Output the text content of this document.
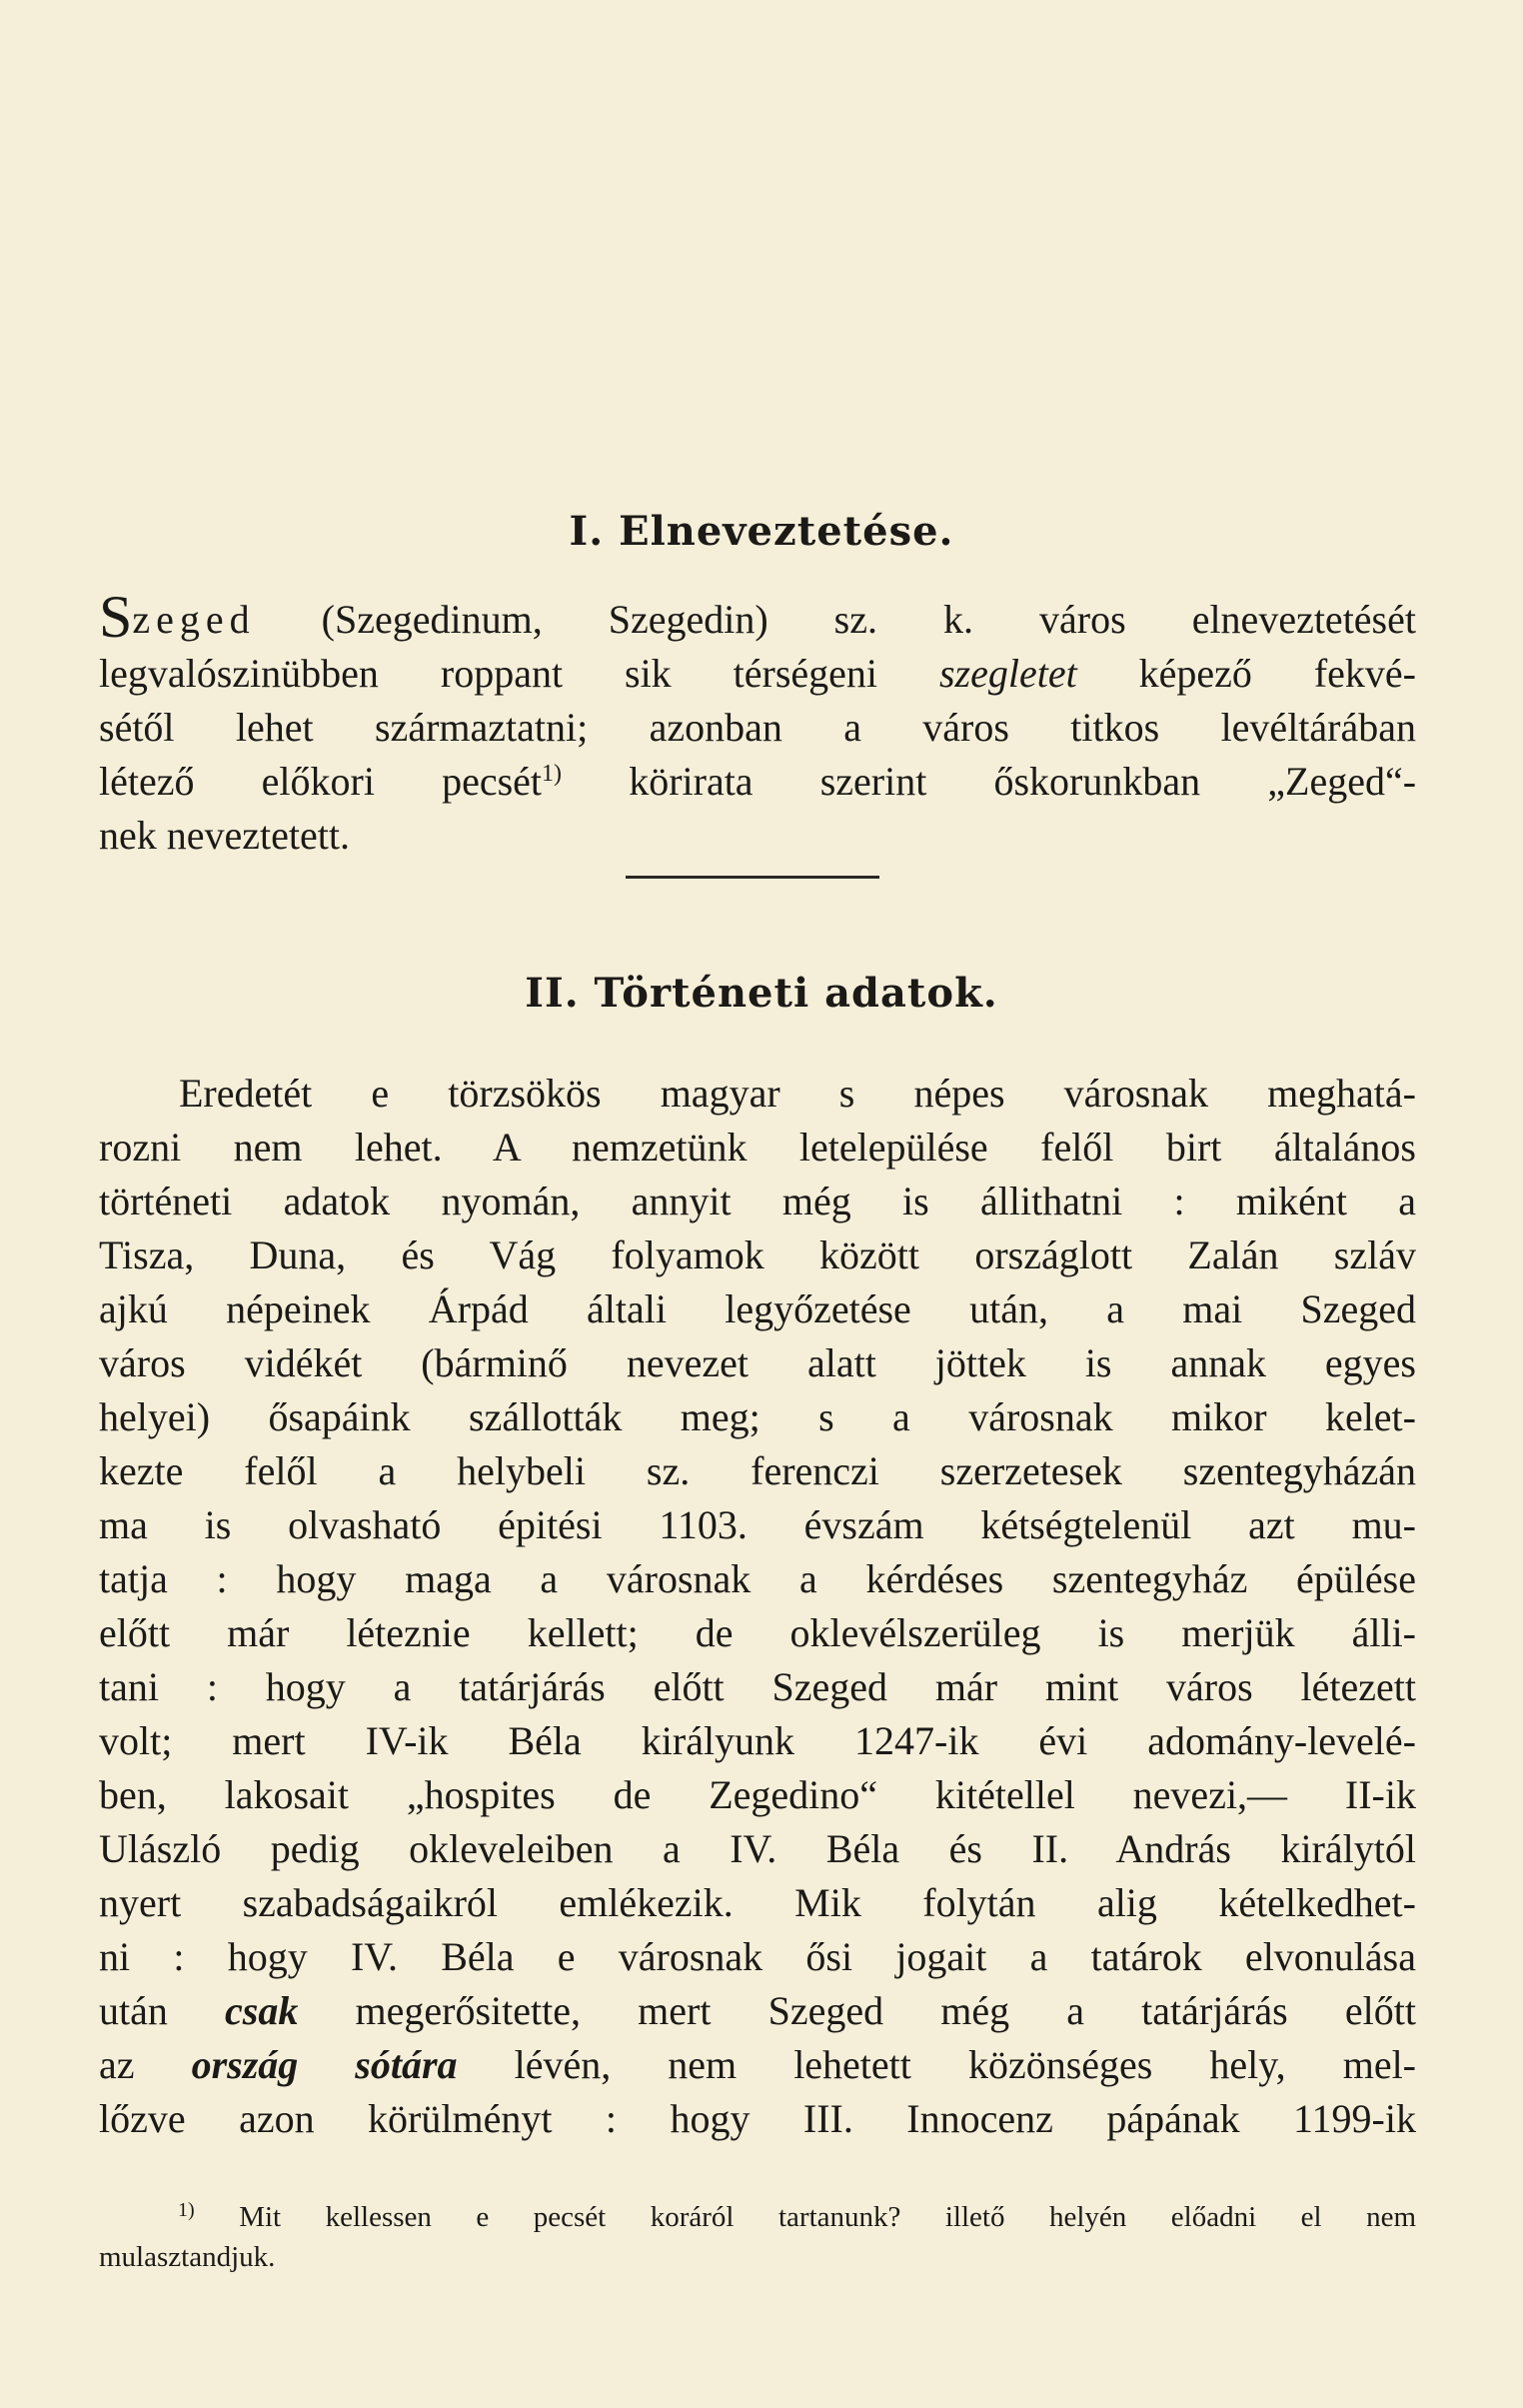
I. Elneveztetése.
Szeged (Szegedinum, Szegedin) sz. k. város elneveztetését
legvalószinübben roppant sik térségeni szegletet képező fekvé-
sétől lehet származtatni; azonban a város titkos levéltárában
létező előkori pecsét$^{1)}$ körirata szerint őskorunkban „Zeged“-
nek neveztetett.
II. Történeti adatok.
Eredetét e törzsökös magyar s népes városnak meghatá-
rozni nem lehet. A nemzetünk letelepülése felől birt általános
történeti adatok nyomán, annyit még is állithatni : miként a
Tisza, Duna, és Vág folyamok között országlott Zalán szláv
ajkú népeinek Árpád általi legyőzetése után, a mai Szeged
város vidékét (bárminő nevezet alatt jöttek is annak egyes
helyei) ősapáink szállották meg; s a városnak mikor kelet-
kezte felől a helybeli sz. ferenczi szerzetesek szentegyházán
ma is olvasható épitési 1103. évszám kétségtelenül azt mu-
tatja : hogy maga a városnak a kérdéses szentegyház épülése
előtt már léteznie kellett; de oklevélszerüleg is merjük álli-
tani : hogy a tatárjárás előtt Szeged már mint város létezett
volt; mert IV-ik Béla királyunk 1247-ik évi adomány-levelé-
ben, lakosait „hospites de Zegedino“ kitétellel nevezi,— II-ik
Ulászló pedig okleveleiben a IV. Béla és II. András királytól
nyert szabadságaikról emlékezik. Mik folytán alig kételkedhet-
ni : hogy IV. Béla e városnak ősi jogait a tatárok elvonulása
után csak megerősitette, mert Szeged még a tatárjárás előtt
az ország sótára lévén, nem lehetett közönséges hely, mel-
lőzve azon körülményt : hogy III. Innocenz pápának 1199-ik
$^{1)}$ Mit kellessen e pecsét koráról tartanunk? illető helyén előadni el nem
mulasztandjuk.
